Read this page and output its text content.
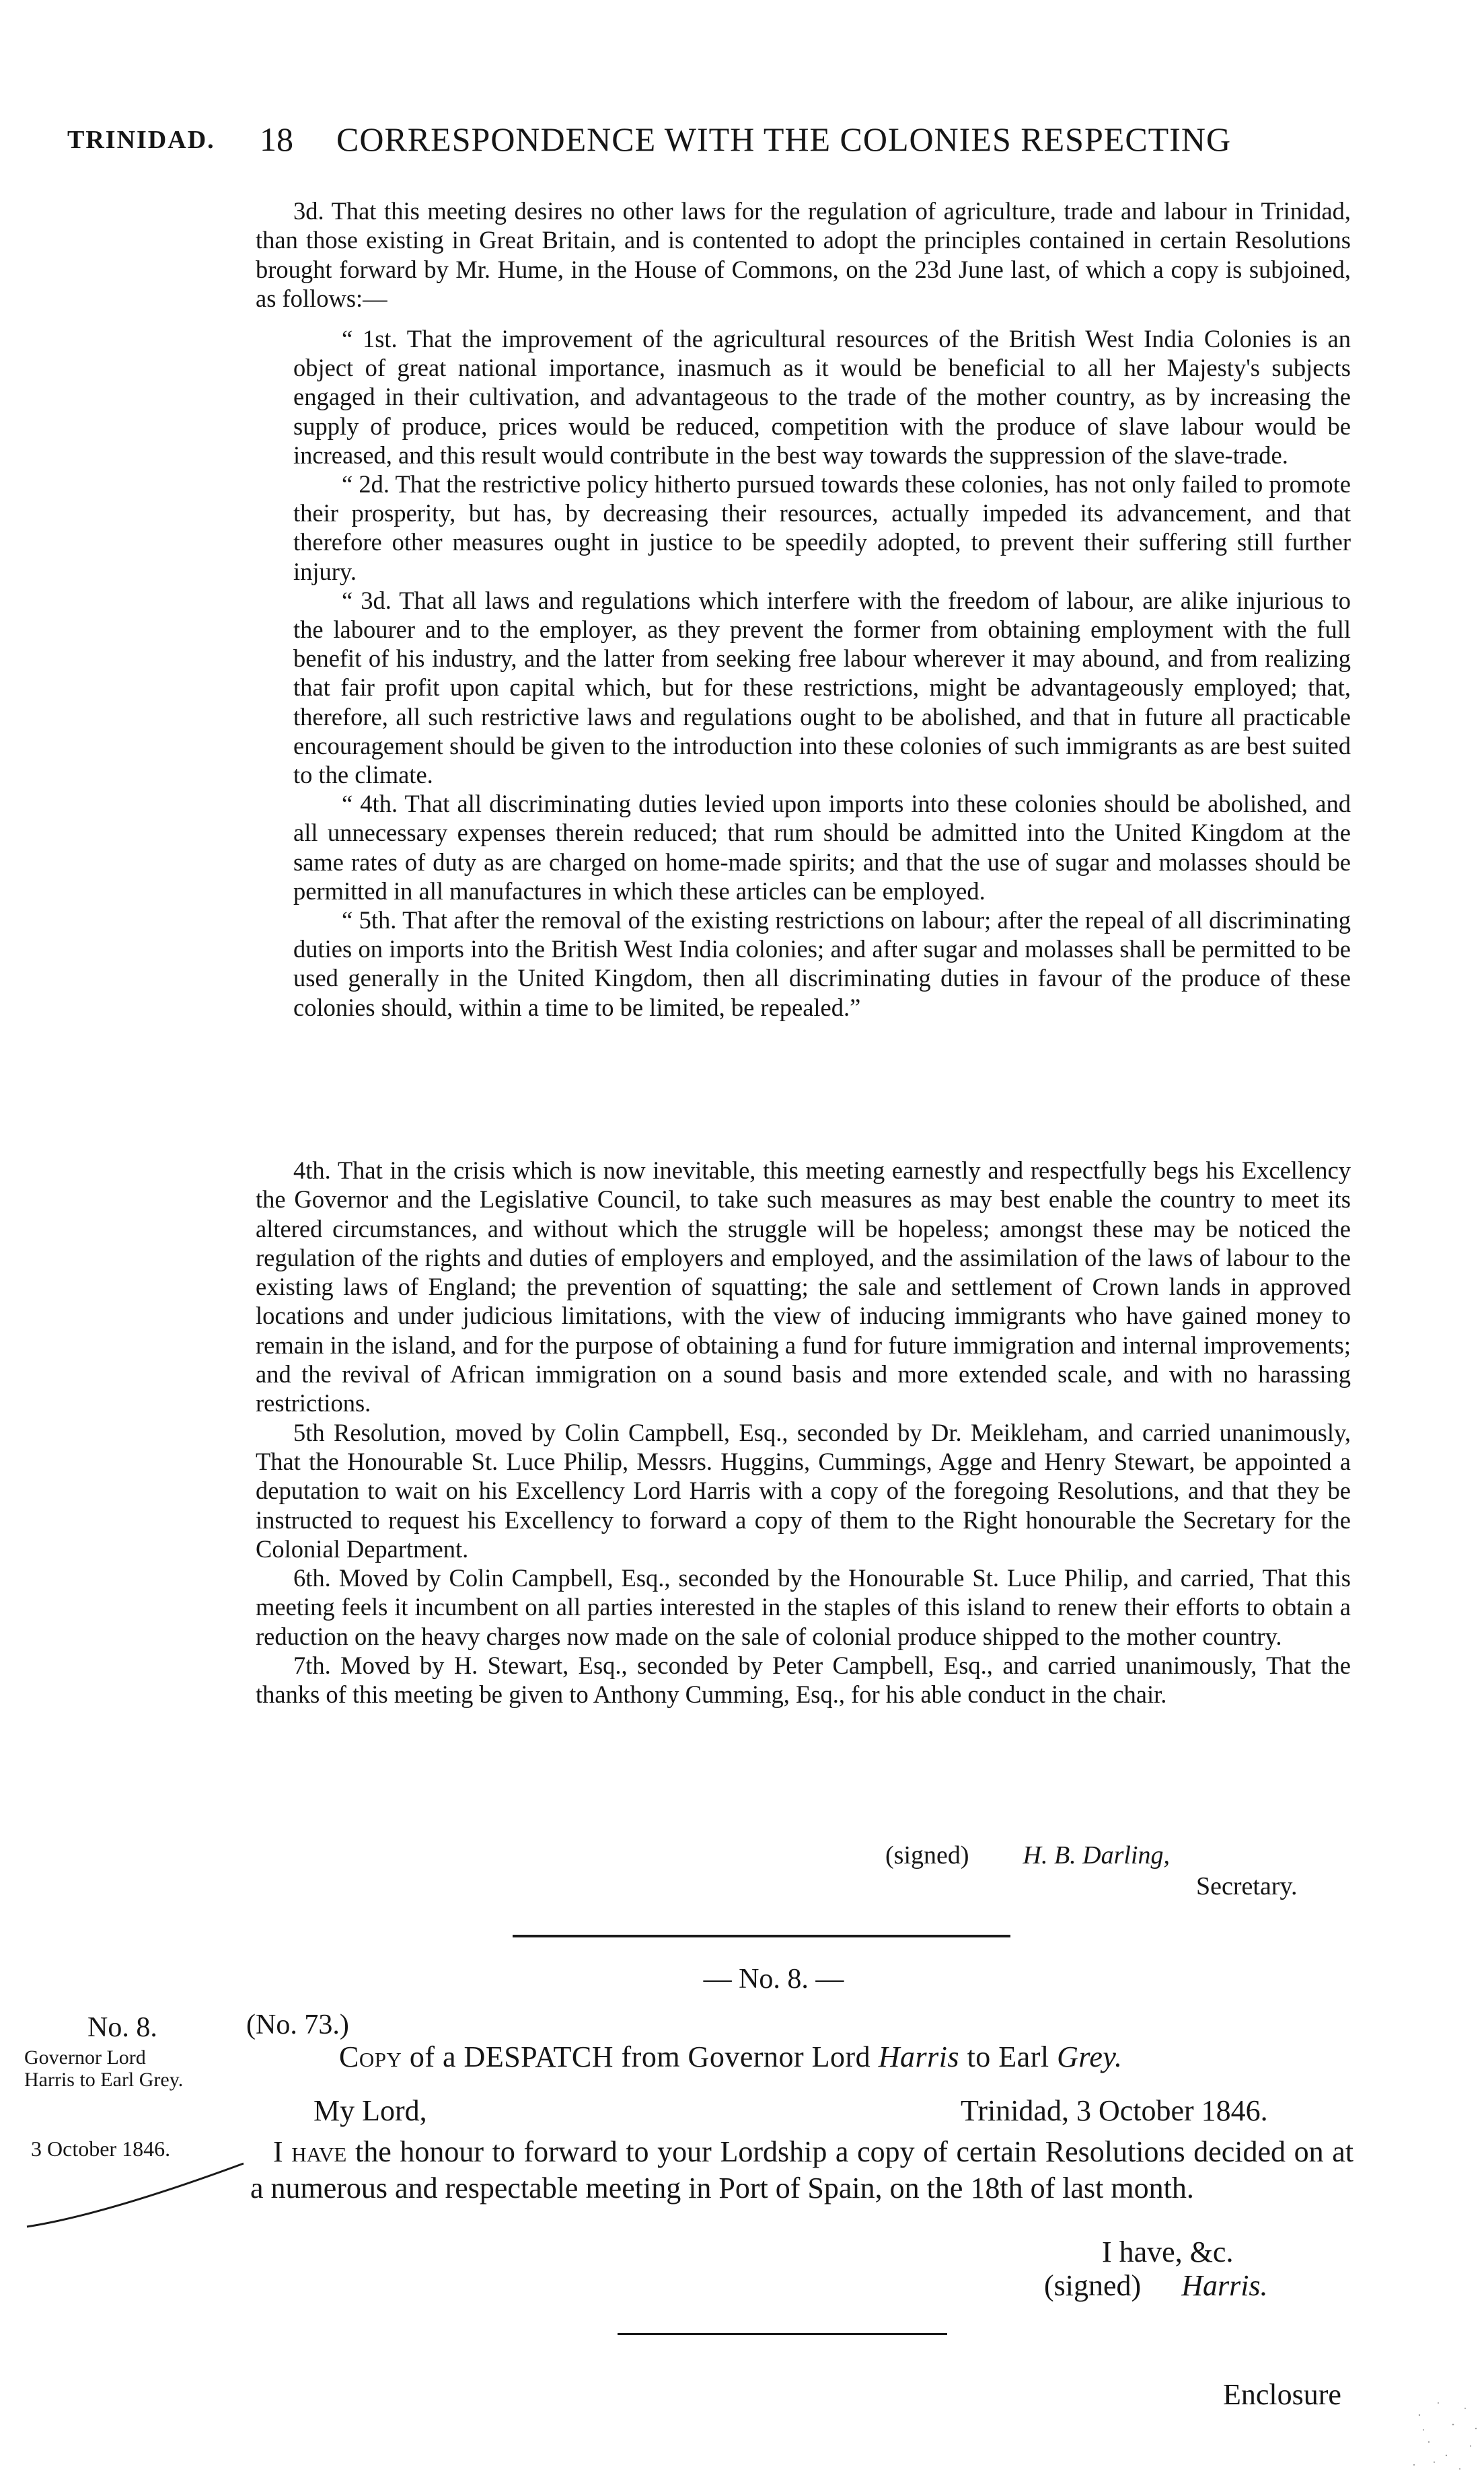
TRINIDAD. 18 CORRESPONDENCE WITH THE COLONIES RESPECTING

3d. That this meeting desires no other laws for the regulation of agriculture, trade and labour in Trinidad, than those existing in Great Britain, and is contented to adopt the principles contained in certain Resolutions brought forward by Mr. Hume, in the House of Commons, on the 23d June last, of which a copy is subjoined, as follows:—

“ 1st. That the improvement of the agricultural resources of the British West India Colonies is an object of great national importance, inasmuch as it would be beneficial to all her Majesty's subjects engaged in their cultivation, and advantageous to the trade of the mother country, as by increasing the supply of produce, prices would be reduced, competition with the produce of slave labour would be increased, and this result would contribute in the best way towards the suppression of the slave-trade.

“ 2d. That the restrictive policy hitherto pursued towards these colonies, has not only failed to promote their prosperity, but has, by decreasing their resources, actually impeded its advancement, and that therefore other measures ought in justice to be speedily adopted, to prevent their suffering still further injury.

“ 3d. That all laws and regulations which interfere with the freedom of labour, are alike injurious to the labourer and to the employer, as they prevent the former from obtaining employment with the full benefit of his industry, and the latter from seeking free labour wherever it may abound, and from realizing that fair profit upon capital which, but for these restrictions, might be advantageously employed; that, therefore, all such restrictive laws and regulations ought to be abolished, and that in future all practicable encouragement should be given to the introduction into these colonies of such immigrants as are best suited to the climate.

“ 4th. That all discriminating duties levied upon imports into these colonies should be abolished, and all unnecessary expenses therein reduced; that rum should be admitted into the United Kingdom at the same rates of duty as are charged on home-made spirits; and that the use of sugar and molasses should be permitted in all manufactures in which these articles can be employed.

“ 5th. That after the removal of the existing restrictions on labour; after the repeal of all discriminating duties on imports into the British West India colonies; and after sugar and molasses shall be permitted to be used generally in the United Kingdom, then all discriminating duties in favour of the produce of these colonies should, within a time to be limited, be repealed.”

4th. That in the crisis which is now inevitable, this meeting earnestly and respectfully begs his Excellency the Governor and the Legislative Council, to take such measures as may best enable the country to meet its altered circumstances, and without which the struggle will be hopeless; amongst these may be noticed the regulation of the rights and duties of employers and employed, and the assimilation of the laws of labour to the existing laws of England; the prevention of squatting; the sale and settlement of Crown lands in approved locations and under judicious limitations, with the view of inducing immigrants who have gained money to remain in the island, and for the purpose of obtaining a fund for future immigration and internal improvements; and the revival of African immigration on a sound basis and more extended scale, and with no harassing restrictions.

5th Resolution, moved by Colin Campbell, Esq., seconded by Dr. Meikleham, and carried unanimously, That the Honourable St. Luce Philip, Messrs. Huggins, Cummings, Agge and Henry Stewart, be appointed a deputation to wait on his Excellency Lord Harris with a copy of the foregoing Resolutions, and that they be instructed to request his Excellency to forward a copy of them to the Right honourable the Secretary for the Colonial Department.

6th. Moved by Colin Campbell, Esq., seconded by the Honourable St. Luce Philip, and carried, That this meeting feels it incumbent on all parties interested in the staples of this island to renew their efforts to obtain a reduction on the heavy charges now made on the sale of colonial produce shipped to the mother country.

7th. Moved by H. Stewart, Esq., seconded by Peter Campbell, Esq., and carried unanimously, That the thanks of this meeting be given to Anthony Cumming, Esq., for his able conduct in the chair.

(signed) H. B. Darling,
Secretary.
— No. 8. —
No. 8.
Governor Lord Harris to Earl Grey.
3 October 1846.
(No. 73.)
Copy of a DESPATCH from Governor Lord Harris to Earl Grey.
My Lord,	Trinidad, 3 October 1846.

I have the honour to forward to your Lordship a copy of certain Resolutions decided on at a numerous and respectable meeting in Port of Spain, on the 18th of last month.

I have, &c.
(signed) Harris.
Enclosure
